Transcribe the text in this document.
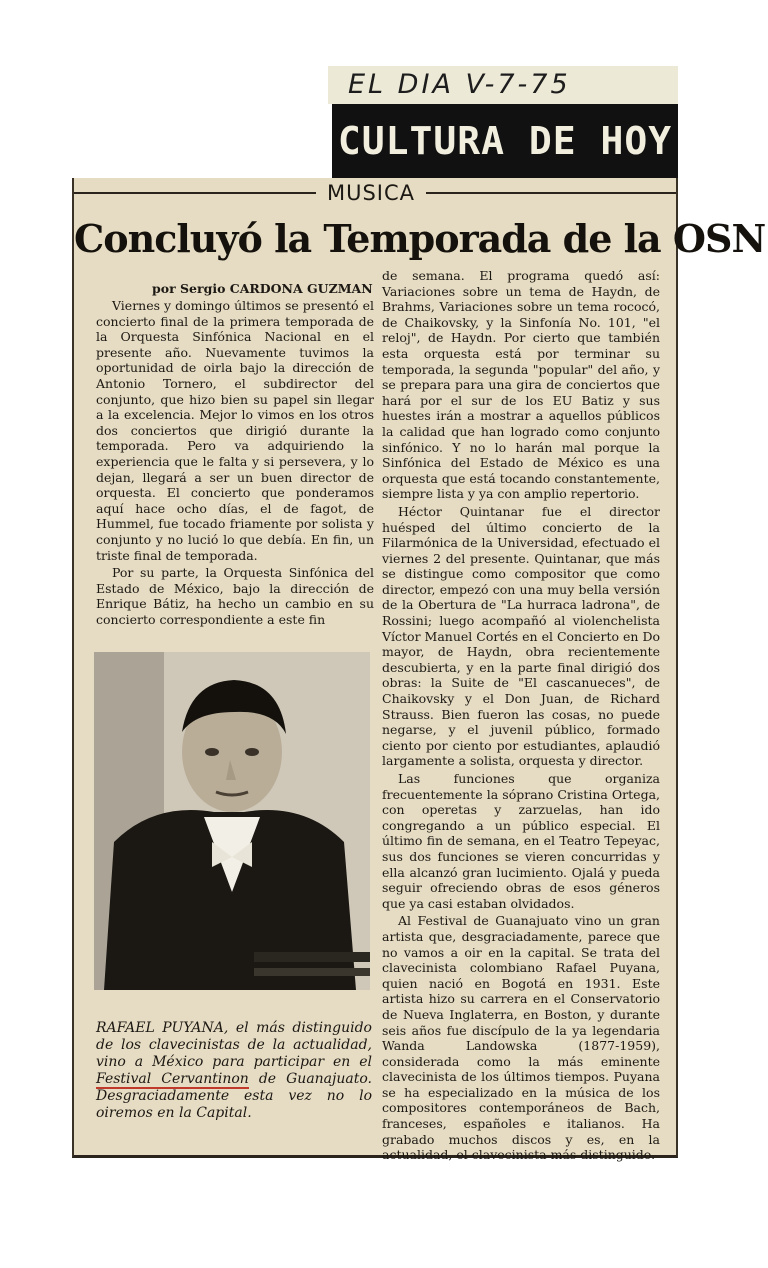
EL DIA V-7-75
CULTURA DE HOY
MUSICA
Concluyó la Temporada de la OSN
por Sergio CARDONA GUZMAN

Viernes y domingo últimos se presentó el concierto final de la primera temporada de la Orquesta Sinfónica Nacional en el presente año. Nuevamente tuvimos la oportunidad de oirla bajo la dirección de Antonio Tornero, el subdirector del conjunto, que hizo bien su papel sin llegar a la excelencia. Mejor lo vimos en los otros dos conciertos que dirigió durante la temporada. Pero va adquiriendo la experiencia que le falta y si persevera, y lo dejan, llegará a ser un buen director de orquesta. El concierto que ponderamos aquí hace ocho días, el de fagot, de Hummel, fue tocado friamente por solista y conjunto y no lució lo que debía. En fin, un triste final de temporada.

Por su parte, la Orquesta Sinfónica del Estado de México, bajo la dirección de Enrique Bátiz, ha hecho un cambio en su concierto correspondiente a este fin

RAFAEL PUYANA, el más distinguido de los clavecinistas de la actualidad, vino a México para participar en el Festival Cervantinon de Guanajuato. Desgraciadamente esta vez no lo oiremos en la Capital.

de semana. El programa quedó así: Variaciones sobre un tema de Haydn, de Brahms, Variaciones sobre un tema rococó, de Chaikovsky, y la Sinfonía No. 101, "el reloj", de Haydn. Por cierto que también esta orquesta está por terminar su temporada, la segunda "popular" del año, y se prepara para una gira de conciertos que hará por el sur de los EU Batiz y sus huestes irán a mostrar a aquellos públicos la calidad que han logrado como conjunto sinfónico. Y no lo harán mal porque la Sinfónica del Estado de México es una orquesta que está tocando constantemente, siempre lista y ya con amplio repertorio.

Héctor Quintanar fue el director huésped del último concierto de la Filarmónica de la Universidad, efectuado el viernes 2 del presente. Quintanar, que más se distingue como compositor que como director, empezó con una muy bella versión de la Obertura de "La hurraca ladrona", de Rossini; luego acompañó al violenchelista Víctor Manuel Cortés en el Concierto en Do mayor, de Haydn, obra recientemente descubierta, y en la parte final dirigió dos obras: la Suite de "El cascanueces", de Chaikovsky y el Don Juan, de Richard Strauss. Bien fueron las cosas, no puede negarse, y el juvenil público, formado ciento por ciento por estudiantes, aplaudió largamente a solista, orquesta y director.

Las funciones que organiza frecuentemente la sóprano Cristina Ortega, con operetas y zarzuelas, han ido congregando a un público especial. El último fin de semana, en el Teatro Tepeyac, sus dos funciones se vieren concurridas y ella alcanzó gran lucimiento. Ojalá y pueda seguir ofreciendo obras de esos géneros que ya casi estaban olvidados.

Al Festival de Guanajuato vino un gran artista que, desgraciadamente, parece que no vamos a oir en la capital. Se trata del clavecinista colombiano Rafael Puyana, quien nació en Bogotá en 1931. Este artista hizo su carrera en el Conservatorio de Nueva Inglaterra, en Boston, y durante seis años fue discípulo de la ya legendaria Wanda Landowska (1877-1959), considerada como la más eminente clavecinista de los últimos tiempos. Puyana se ha especializado en la música de los compositores contemporáneos de Bach, franceses, españoles e italianos. Ha grabado muchos discos y es, en la actualidad, el clavecinista más distinguido.
